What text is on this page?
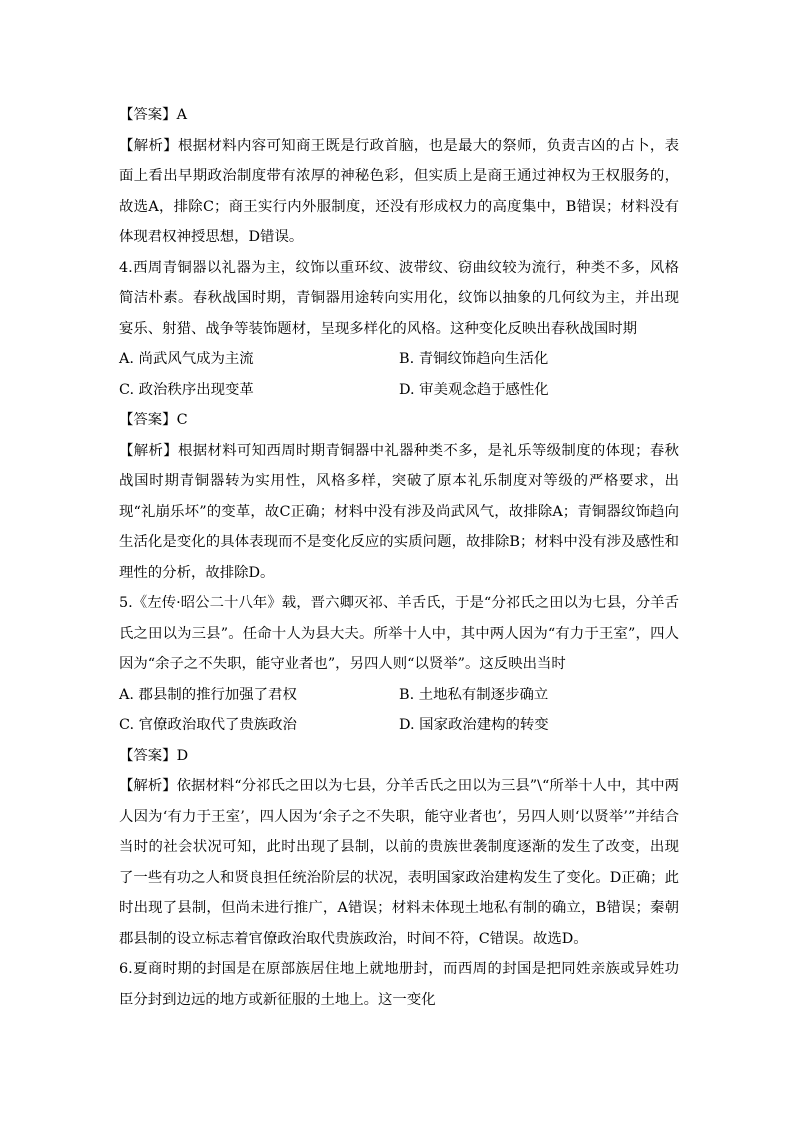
【答案】A

【解析】根据材料内容可知商王既是行政首脑，也是最大的祭师，负责吉凶的占卜，表面上看出早期政治制度带有浓厚的神秘色彩，但实质上是商王通过神权为王权服务的，故选A，排除C；商王实行内外服制度，还没有形成权力的高度集中，B错误；材料没有体现君权神授思想，D错误。

4.西周青铜器以礼器为主，纹饰以重环纹、波带纹、窃曲纹较为流行，种类不多，风格简洁朴素。春秋战国时期，青铜器用途转向实用化，纹饰以抽象的几何纹为主，并出现宴乐、射猎、战争等装饰题材，呈现多样化的风格。这种变化反映出春秋战国时期

A. 尚武风气成为主流	B. 青铜纹饰趋向生活化
C. 政治秩序出现变革	D. 审美观念趋于感性化

【答案】C

【解析】根据材料可知西周时期青铜器中礼器种类不多，是礼乐等级制度的体现；春秋战国时期青铜器转为实用性，风格多样，突破了原本礼乐制度对等级的严格要求，出现“礼崩乐坏”的变革，故C正确；材料中没有涉及尚武风气，故排除A；青铜器纹饰趋向生活化是变化的具体表现而不是变化反应的实质问题，故排除B；材料中没有涉及感性和理性的分析，故排除D。

5.《左传·昭公二十八年》载，晋六卿灭祁、羊舌氏，于是“分祁氏之田以为七县，分羊舌氏之田以为三县”。任命十人为县大夫。所举十人中，其中两人因为“有力于王室”，四人因为“余子之不失职，能守业者也”，另四人则“以贤举”。这反映出当时

A. 郡县制的推行加强了君权	B. 土地私有制逐步确立
C. 官僚政治取代了贵族政治	D. 国家政治建构的转变

【答案】D

【解析】依据材料“分祁氏之田以为七县，分羊舌氏之田以为三县”\“所举十人中，其中两人因为‘有力于王室’，四人因为‘余子之不失职，能守业者也’，另四人则‘以贤举’”并结合当时的社会状况可知，此时出现了县制，以前的贵族世袭制度逐渐的发生了改变，出现了一些有功之人和贤良担任统治阶层的状况，表明国家政治建构发生了变化。D正确；此时出现了县制，但尚未进行推广，A错误；材料未体现土地私有制的确立，B错误；秦朝郡县制的设立标志着官僚政治取代贵族政治，时间不符，C错误。故选D。

6.夏商时期的封国是在原部族居住地上就地册封，而西周的封国是把同姓亲族或异姓功臣分封到边远的地方或新征服的土地上。这一变化
